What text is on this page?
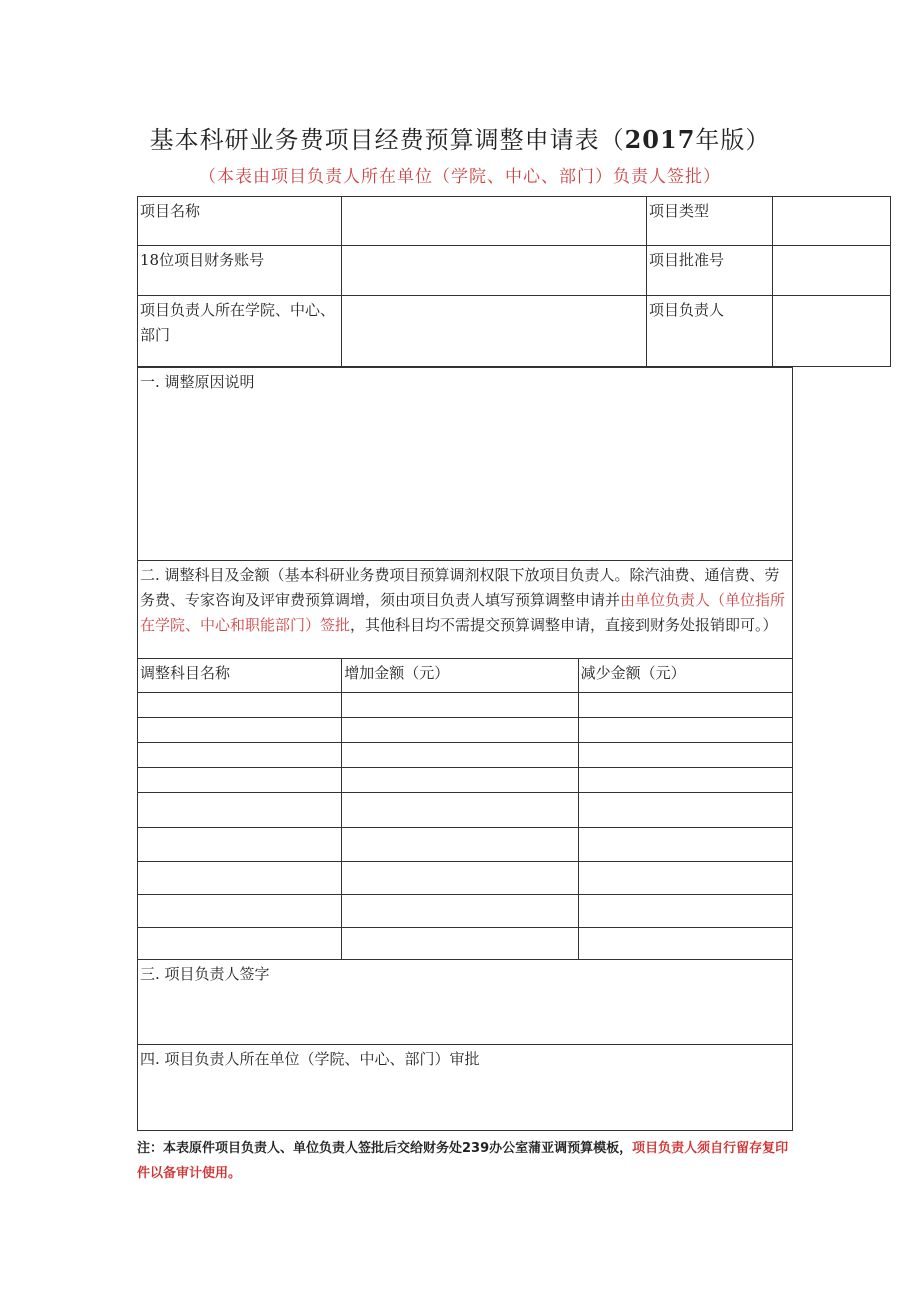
基本科研业务费项目经费预算调整申请表（2017年版）
（本表由项目负责人所在单位（学院、中心、部门）负责人签批）
项目名称		项目类型	
18位项目财务账号		项目批准号	
项目负责人所在学院、中心、部门		项目负责人	
一. 调整原因说明		
二. 调整科目及金额（基本科研业务费项目预算调剂权限下放项目负责人。除汽油费、通信费、劳务费、专家咨询及评审费预算调增，须由项目负责人填写预算调整申请并由单位负责人（单位指所在学院、中心和职能部门）签批，其他科目均不需提交预算调整申请，直接到财务处报销即可。）		
调整科目名称	增加金额（元）	减少金额（元）

三. 项目负责人签字		
四. 项目负责人所在单位（学院、中心、部门）审批		
注：本表原件项目负责人、单位负责人签批后交给财务处239办公室蒲亚调预算模板，项目负责人须自行留存复印件以备审计使用。
